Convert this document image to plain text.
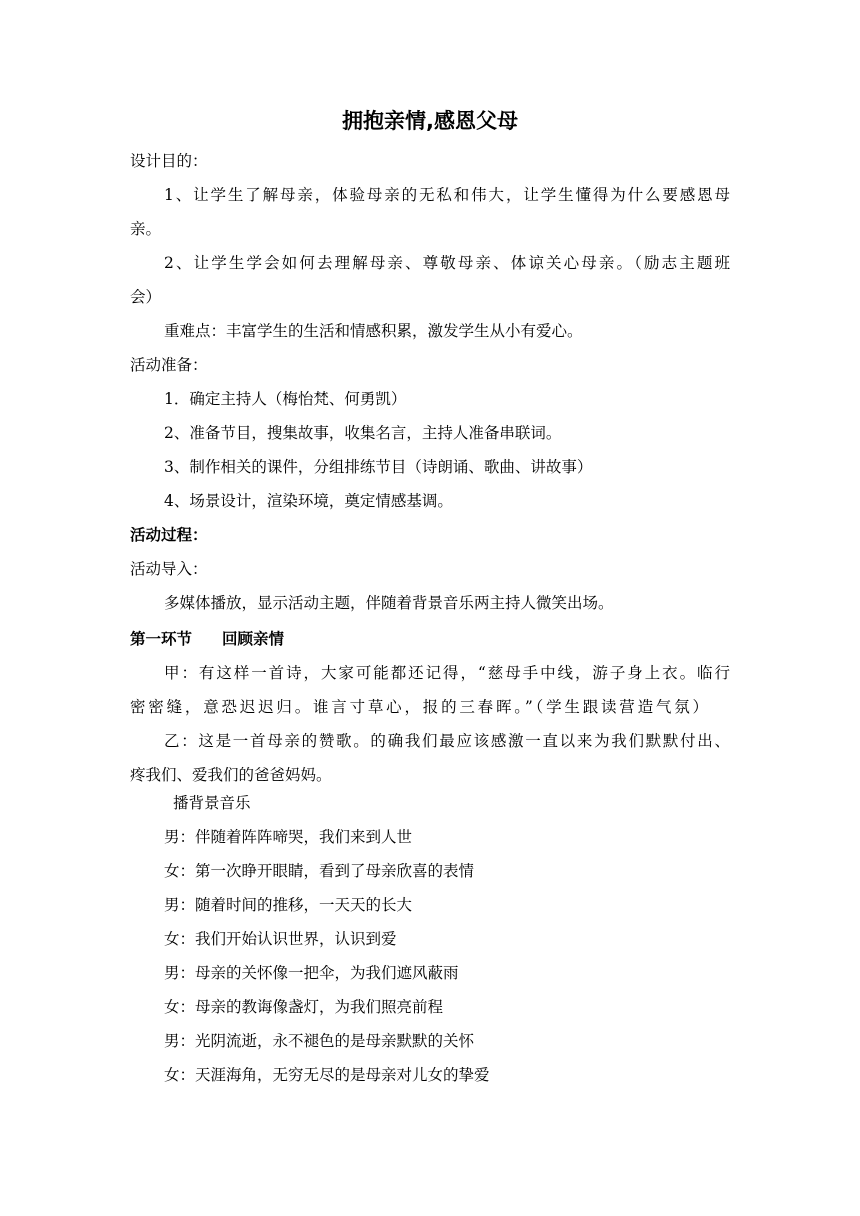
拥抱亲情,感恩父母
设计目的：
1、让学生了解母亲，体验母亲的无私和伟大，让学生懂得为什么要感恩母
亲。
2、让学生学会如何去理解母亲、尊敬母亲、体谅关心母亲。（励志主题班
会）
重难点：丰富学生的生活和情感积累，激发学生从小有爱心。
活动准备：
1．确定主持人（梅怡梵、何勇凯）
2、准备节目，搜集故事，收集名言，主持人准备串联词。
3、制作相关的课件，分组排练节目（诗朗诵、歌曲、讲故事）
4、场景设计，渲染环境，奠定情感基调。
活动过程：
活动导入：
多媒体播放，显示活动主题，伴随着背景音乐两主持人微笑出场。
第一环节 回顾亲情
甲：有这样一首诗，大家可能都还记得，“慈母手中线，游子身上衣。临行
密密缝，意恐迟迟归。谁言寸草心，报的三春晖。”（学生跟读营造气氛）
乙：这是一首母亲的赞歌。的确我们最应该感激一直以来为我们默默付出、
疼我们、爱我们的爸爸妈妈。
播背景音乐
男：伴随着阵阵啼哭，我们来到人世
女：第一次睁开眼睛，看到了母亲欣喜的表情
男：随着时间的推移，一天天的长大
女：我们开始认识世界，认识到爱
男：母亲的关怀像一把伞，为我们遮风蔽雨
女：母亲的教诲像盏灯，为我们照亮前程
男：光阴流逝，永不褪色的是母亲默默的关怀
女：天涯海角，无穷无尽的是母亲对儿女的挚爱
